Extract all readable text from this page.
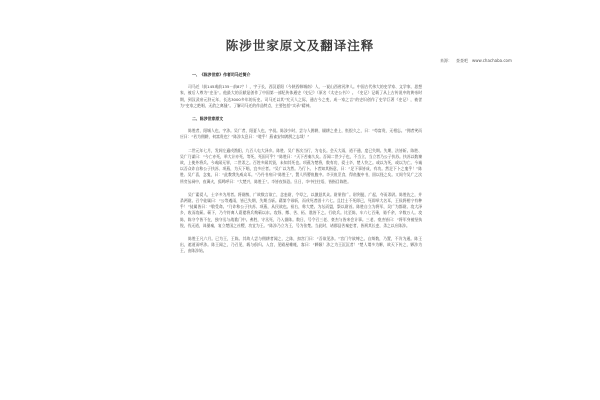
陈涉世家原文及翻译注释
来源： 查查吧 www.chachaba.com
一、《陈涉世家》作者司马迁简介

司马迁（前145或前135－前87？），字子长，西汉夏阳（今陕西韩城南）人，一说山西省河津人。中国古代伟大的史学家、文学家、思想家，被后人尊为“史圣”。他最大的贡献是创作了中国第一部纪传体通史《史记》（原名《太史公书》）。《史记》记载了从上古传说中的黄帝时期，到汉武帝元狩元年，长达3000多年的历史。司马迁以其“究天人之际，通古今之变，成一家之言”的史识创作了史学巨著《史记》，被誉为“史家之绝唱，无韵之离骚”。了解司马迁的作品特点，主要包括“实录”精神。

二、陈涉世家原文

陈胜者，阳城人也，字涉。吴广者，阳夏人也，字叔。陈涉少时，尝与人佣耕，辍耕之垄上，怅恨久之，曰：“苟富贵，无相忘。”佣者笑而应曰：“若为佣耕，何富贵也？”陈涉太息曰：“嗟乎！燕雀安知鸿鹄之志哉！”

二世元年七月，发闾左適戍渔阳，九百人屯大泽乡。陈胜、吴广皆次当行，为屯长。会天大雨，道不通，度已失期。失期，法皆斩。陈胜、吴广乃谋曰：“今亡亦死，举大计亦死，等死，死国可乎？”陈胜曰：“天下苦秦久矣。吾闻二世少子也，不当立，当立者乃公子扶苏。扶苏以数谏故，上使外将兵。今或闻无罪，二世杀之。百姓多闻其贤，未知其死也。项燕为楚将，数有功，爱士卒，楚人怜之。或以为死，或以为亡。今诚以吾众诈自称公子扶苏、项燕，为天下唱，宜多应者。”吴广以为然。乃行卜。卜者知其指意，曰：“足下事皆成，有功。然足下卜之鬼乎！”陈胜、吴广喜，念鬼，曰：“此教我先威众耳。”乃丹书帛曰“陈胜王”，置人所罾鱼腹中。卒买鱼烹食，得鱼腹中书，固以怪之矣。又间令吴广之次所旁丛祠中，夜篝火，狐鸣呼曰：“大楚兴，陈胜王”。卒皆夜惊恐。旦日，卒中往往语，皆指目陈胜。

吴广素爱人，士卒多为用者。将尉醉，广故数言欲亡，忿恚尉，令辱之，以激怒其众。尉果笞广。尉剑挺，广起，夺而杀尉。陈胜佐之，并杀两尉。召令徒属曰：“公等遇雨，皆已失期，失期当斩。藉第令毋斩，而戍死者固十六七。且壮士不死即已，死即举大名耳，王侯将相宁有种乎！”徒属皆曰：“敬受命。”乃诈称公子扶苏、项燕，从民欲也。袒右，称大楚。为坛而盟，祭以尉首。陈胜自立为将军，吴广为都尉。攻大泽乡，收而攻蕲。蕲下，乃令符离人葛婴将兵徇蕲以东。攻铚、酂、苦、柘、谯皆下之。行收兵。比至陈，车六七百乘，骑千余，卒数万人。攻陈，陈守令皆不在，独守丞与战谯门中。弗胜，守丞死，乃入据陈。数日，号令召三老、豪杰与皆来会计事。三老、豪杰皆曰：“将军身被坚执锐，伐无道，诛暴秦，复立楚国之社稷，功宜为王。”陈涉乃立为王，号为张楚。当此时，诸郡县苦秦吏者，皆刑其长吏，杀之以应陈涉。

陈胜王凡六月。已为王，王陈。其故人尝与佣耕者闻之，之陈，扣宫门曰：“吾欲见涉。”宫门令欲缚之。自辩数，乃置，不肯为通。陈王出，遮道而呼涉。陈王闻之，乃召见，载与俱归。入宫，见殿屋帷帐，客曰：“夥颐！涉之为王沉沉者！”楚人谓多为夥，故天下传之，夥涉为王，由陈涉始。
